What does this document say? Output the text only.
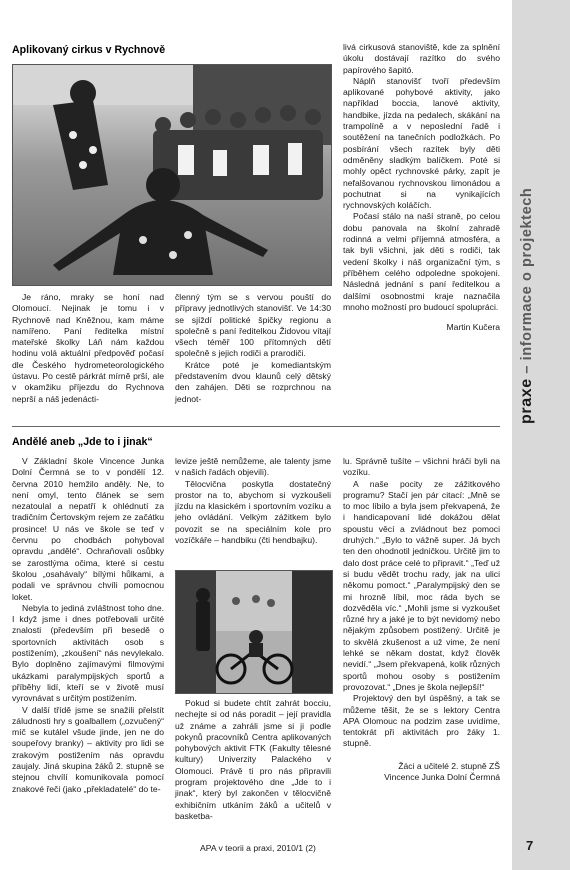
praxe – informace o projektech
Aplikovaný cirkus v Rychnově

Je ráno, mraky se honí nad Olomoucí. Nejinak je tomu i v Rychnově nad Kněžnou, kam máme namířeno. Paní ředitelka místní mateřské školky Láň nám každou hodinu volá aktuální předpověď počasí dle Českého hydrometeorologického ústavu. Po cestě párkrát mírně prší, ale v okamžiku příjezdu do Rychnova neprší a náš jedenácti-

členný tým se s vervou pouští do přípravy jednotlivých stanovišť. Ve 14:30 se sjíždí politické špičky regionu a společně s paní ředitelkou Židovou vítají všech téměř 100 přítomných dětí společně s jejich rodiči a prarodiči.

Krátce poté je komediantským představením dvou klaunů celý dětský den zahájen. Děti se rozprchnou na jednot-

livá cirkusová stanoviště, kde za splnění úkolu dostávají razítko do svého papírového šapitó.

Náplň stanovišť tvoří především aplikované pohybové aktivity, jako například boccia, lanové aktivity, handbike, jízda na pedalech, skákání na trampolíně a v neposlední řadě i soutěžení na tanečních podložkách. Po posbírání všech razítek byly děti odměněny sladkým balíčkem. Poté si mohly opěct rychnovské párky, zapít je nefalšovanou rychnovskou limonádou a pochutnat si na vynikajících rychnovských koláčích.

Počasí stálo na naší straně, po celou dobu panovala na školní zahradě rodinná a velmi příjemná atmosféra, a tak byli všichni, jak děti s rodiči, tak vedení školky i náš organizační tým, s příběhem celého odpoledne spokojeni. Následná jednání s paní ředitelkou a dalšími osobnostmi kraje naznačila mnoho možností pro budoucí spolupráci.

Martin Kučera

Andělé aneb „Jde to i jinak“

V Základní škole Vincence Junka Dolní Čermná se to v pondělí 12. června 2010 hemžilo anděly. Ne, to není omyl, tento článek se sem nezatoulal a nepatří k ohlédnutí za tradičním Čertovským rejem ze začátku prosince! U nás ve škole se teď v červnu po chodbách pohyboval opravdu „andělé“. Ochraňovali osůbky se zarostlýma očima, které si cestu školou „osahávaly“ bílými hůlkami, a podali ve správnou chvíli pomocnou loket.

Nebyla to jediná zvláštnost toho dne. I když jsme i dnes potřebovali určité znalosti (především při besedě o sportovních aktivitách osob s postižením), „zkoušení“ nás nevylekalo. Bylo doplněno zajímavými filmovými ukázkami paralympijských sportů a příběhy lidí, kteří se v životě musí vyrovnávat s určitým postižením.

V další třídě jsme se snažili přelstít záludnosti hry s goalballem („ozvučený“ míč se kutálel všude jinde, jen ne do soupeřovy branky) – aktivity pro lidi se zrakovým postižením nás opravdu zaujaly. Jiná skupina žáků 2. stupně se stejnou chvílí komunikovala pomocí znakové řeči (jako „překladatelé“ do te-

levize ještě nemůžeme, ale talenty jsme v našich řadách objevili).

Tělocvična poskytla dostatečný prostor na to, abychom si vyzkoušeli jízdu na klasickém i sportovním vozíku a jeho ovládání. Velkým zážitkem bylo povozit se na speciálním kole pro vozíčkáře – handbiku (čti hendbajku).

Pokud si budete chtít zahrát bocciu, nechejte si od nás poradit – její pravidla už známe a zahráli jsme si ji podle pokynů pracovníků Centra aplikovaných pohybových aktivit FTK (Fakulty tělesné kultury) Univerzity Palackého v Olomouci. Právě ti pro nás připravili program projektového dne „Jde to i jinak“, který byl zakončen v tělocvičně exhibičním utkáním žáků a učitelů v basketba-

lu. Správně tušíte – všichni hráči byli na vozíku.

A naše pocity ze zážitkového programu? Stačí jen pár citací: „Mně se to moc líbilo a byla jsem překvapená, že i handicapovaní lidé dokážou dělat spoustu věcí a zvládnout bez pomoci druhých.“ „Bylo to vážně super. Já bych ten den ohodnotil jedničkou. Určitě jim to dalo dost práce celé to připravit.“ „Teď už si budu vědět trochu rady, jak na ulici někomu pomoct.“ „Paralympijský den se mi hrozně líbil, moc ráda bych se dozvěděla víc.“ „Mohli jsme si vyzkoušet různé hry a jaké je to být nevidomý nebo nějakým způsobem postižený. Určitě je to skvělá zkušenost a už vime, že není lehké se někam dostat, když člověk nevidí.“ „Jsem překvapená, kolik různých sportů mohou osoby s postižením provozovat.“ „Dnes je škola nejlepší!“

Projektový den byl úspěšný, a tak se můžeme těšit, že se s lektory Centra APA Olomouc na podzim zase uvidíme, tentokrát při aktivitách pro žáky 1. stupně.

Žáci a učitelé 2. stupně ZŠ

Vincence Junka Dolní Čermná

APA v teorii a praxi, 2010/1 (2)	7
